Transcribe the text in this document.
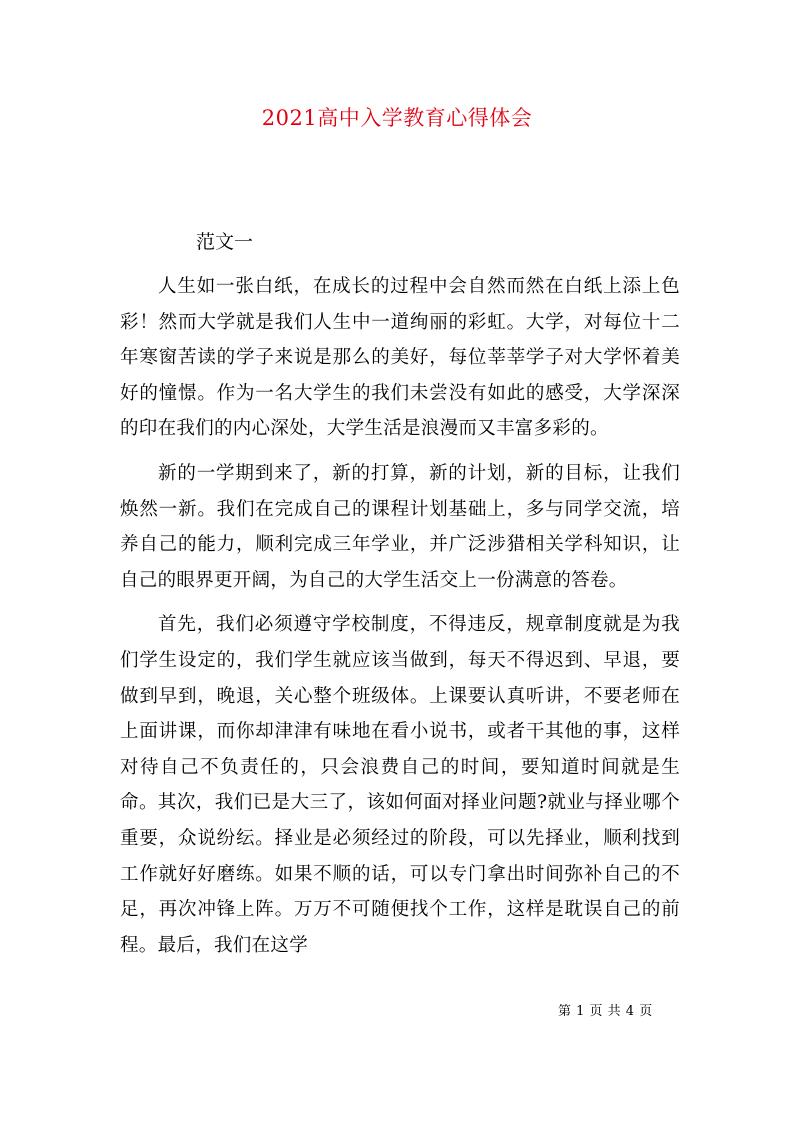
2021高中入学教育心得体会
范文一

人生如一张白纸，在成长的过程中会自然而然在白纸上添上色彩！然而大学就是我们人生中一道绚丽的彩虹。大学，对每位十二年寒窗苦读的学子来说是那么的美好，每位莘莘学子对大学怀着美好的憧憬。作为一名大学生的我们未尝没有如此的感受，大学深深的印在我们的内心深处，大学生活是浪漫而又丰富多彩的。

新的一学期到来了，新的打算，新的计划，新的目标，让我们焕然一新。我们在完成自己的课程计划基础上，多与同学交流，培养自己的能力，顺利完成三年学业，并广泛涉猎相关学科知识，让自己的眼界更开阔，为自己的大学生活交上一份满意的答卷。

首先，我们必须遵守学校制度，不得违反，规章制度就是为我们学生设定的，我们学生就应该当做到，每天不得迟到、早退，要做到早到，晚退，关心整个班级体。上课要认真听讲，不要老师在上面讲课，而你却津津有味地在看小说书，或者干其他的事，这样对待自己不负责任的，只会浪费自己的时间，要知道时间就是生命。其次，我们已是大三了，该如何面对择业问题?就业与择业哪个重要，众说纷纭。择业是必须经过的阶段，可以先择业，顺利找到工作就好好磨练。如果不顺的话，可以专门拿出时间弥补自己的不足，再次冲锋上阵。万万不可随便找个工作，这样是耽误自己的前程。最后，我们在这学

第 1 页 共 4 页
